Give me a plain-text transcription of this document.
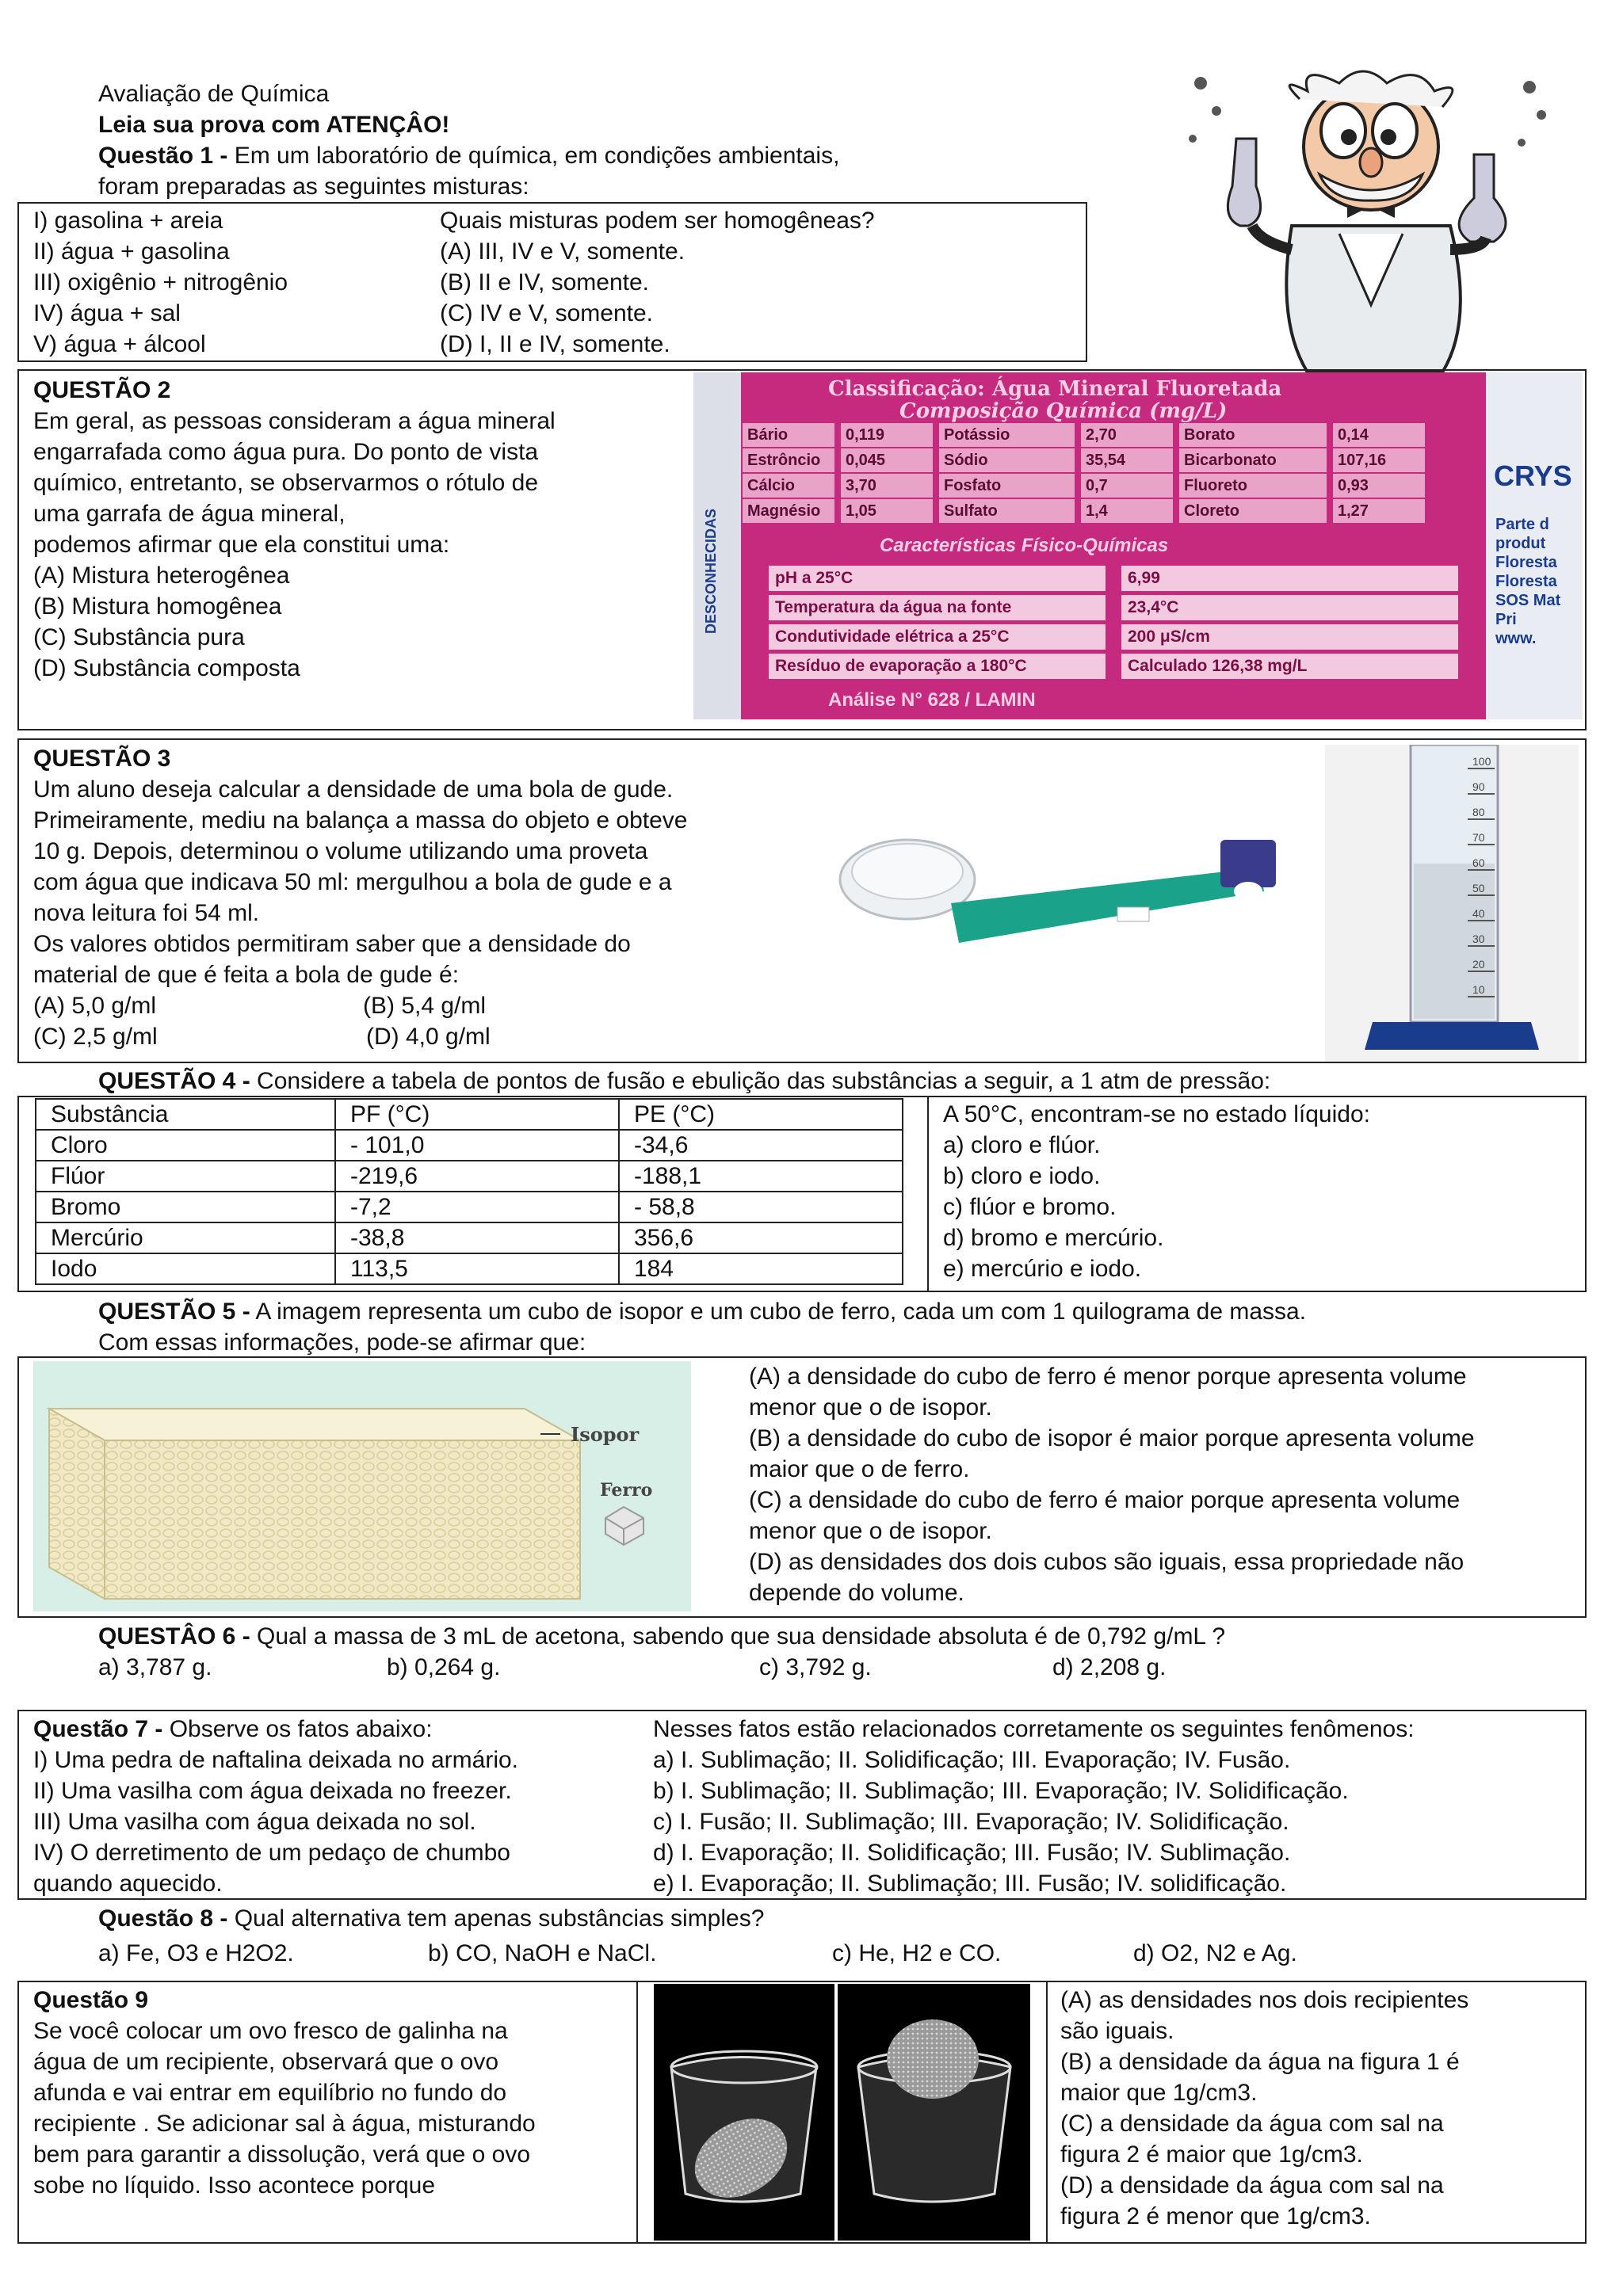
Avaliação de Química
Leia sua prova com ATENÇÂO!
Questão 1 - Em um laboratório de química, em condições ambientais,
foram preparadas as seguintes misturas:
I) gasolina + areia
II) água + gasolina
III) oxigênio + nitrogênio
IV) água + sal
V) água + álcool
Quais misturas podem ser homogêneas?
(A) III, IV e V, somente.
(B) II e IV, somente.
(C) IV e V, somente.
(D) I, II e IV, somente.
QUESTÃO 2
Em geral, as pessoas consideram a água mineral
engarrafada como água pura. Do ponto de vista
químico, entretanto, se observarmos o rótulo de
uma garrafa de água mineral,
podemos afirmar que ela constitui uma:
(A) Mistura heterogênea
(B) Mistura homogênea
(C) Substância pura
(D) Substância composta
DESCONHECIDAS
CRYS
Parte d
produt
Floresta
Floresta
SOS Mat
Pri
www.
Classificação: Água Mineral Fluoretada
Composição Química (mg/L)
Bário	0,119	Potássio	2,70	Borato	0,14
Estrôncio	0,045	Sódio	35,54	Bicarbonato	107,16
Cálcio	3,70	Fosfato	0,7	Fluoreto	0,93
Magnésio	1,05	Sulfato	1,4	Cloreto	1,27
Características Físico-Químicas
pH a 25°C	6,99
Temperatura da água na fonte	23,4°C
Condutividade elétrica a 25°C	200 μS/cm
Resíduo de evaporação a 180°C	Calculado 126,38 mg/L
Análise N° 628 / LAMIN
QUESTÃO 3
Um aluno deseja calcular a densidade de uma bola de gude.
Primeiramente, mediu na balança a massa do objeto e obteve
10 g. Depois, determinou o volume utilizando uma proveta
com água que indicava 50 ml: mergulhou a bola de gude e a
nova leitura foi 54 ml.
Os valores obtidos permitiram saber que a densidade do
material de que é feita a bola de gude é:
(A) 5,0 g/ml	(B) 5,4 g/ml
(C) 2,5 g/ml	(D) 4,0 g/ml
100
90
80
70
60
50
40
30
20
10
QUESTÃO 4 - Considere a tabela de pontos de fusão e ebulição das substâncias a seguir, a 1 atm de pressão:
Substância	PF (°C)	PE (°C)
Cloro	- 101,0	-34,6
Flúor	-219,6	-188,1
Bromo	-7,2	- 58,8
Mercúrio	-38,8	356,6
Iodo	113,5	184
A 50°C, encontram-se no estado líquido:
a) cloro e flúor.
b) cloro e iodo.
c) flúor e bromo.
d) bromo e mercúrio.
e) mercúrio e iodo.
QUESTÃO 5 - A imagem representa um cubo de isopor e um cubo de ferro, cada um com 1 quilograma de massa.
Com essas informações, pode-se afirmar que:
Isopor
Ferro
(A) a densidade do cubo de ferro é menor porque apresenta volume
menor que o de isopor.
(B) a densidade do cubo de isopor é maior porque apresenta volume
maior que o de ferro.
(C) a densidade do cubo de ferro é maior porque apresenta volume
menor que o de isopor.
(D) as densidades dos dois cubos são iguais, essa propriedade não
depende do volume.
QUESTÂO 6 - Qual a massa de 3 mL de acetona, sabendo que sua densidade absoluta é de 0,792 g/mL ?
a) 3,787 g.	b) 0,264 g.	c) 3,792 g.	d) 2,208 g.
Questão 7 - Observe os fatos abaixo:
I) Uma pedra de naftalina deixada no armário.
II) Uma vasilha com água deixada no freezer.
III) Uma vasilha com água deixada no sol.
IV) O derretimento de um pedaço de chumbo
quando aquecido.
Nesses fatos estão relacionados corretamente os seguintes fenômenos:
a) I. Sublimação; II. Solidificação; III. Evaporação; IV. Fusão.
b) I. Sublimação; II. Sublimação; III. Evaporação; IV. Solidificação.
c) I. Fusão; II. Sublimação; III. Evaporação; IV. Solidificação.
d) I. Evaporação; II. Solidificação; III. Fusão; IV. Sublimação.
e) I. Evaporação; II. Sublimação; III. Fusão; IV. solidificação.
Questão 8 - Qual alternativa tem apenas substâncias simples?
a) Fe, O3 e H2O2.	b) CO, NaOH e NaCl.	c) He, H2 e CO.	d) O2, N2 e Ag.
Questão 9
Se você colocar um ovo fresco de galinha na
água de um recipiente, observará que o ovo
afunda e vai entrar em equilíbrio no fundo do
recipiente . Se adicionar sal à água, misturando
bem para garantir a dissolução, verá que o ovo
sobe no líquido. Isso acontece porque
(A) as densidades nos dois recipientes
são iguais.
(B) a densidade da água na figura 1 é
maior que 1g/cm3.
(C) a densidade da água com sal na
figura 2 é maior que 1g/cm3.
(D) a densidade da água com sal na
figura 2 é menor que 1g/cm3.
